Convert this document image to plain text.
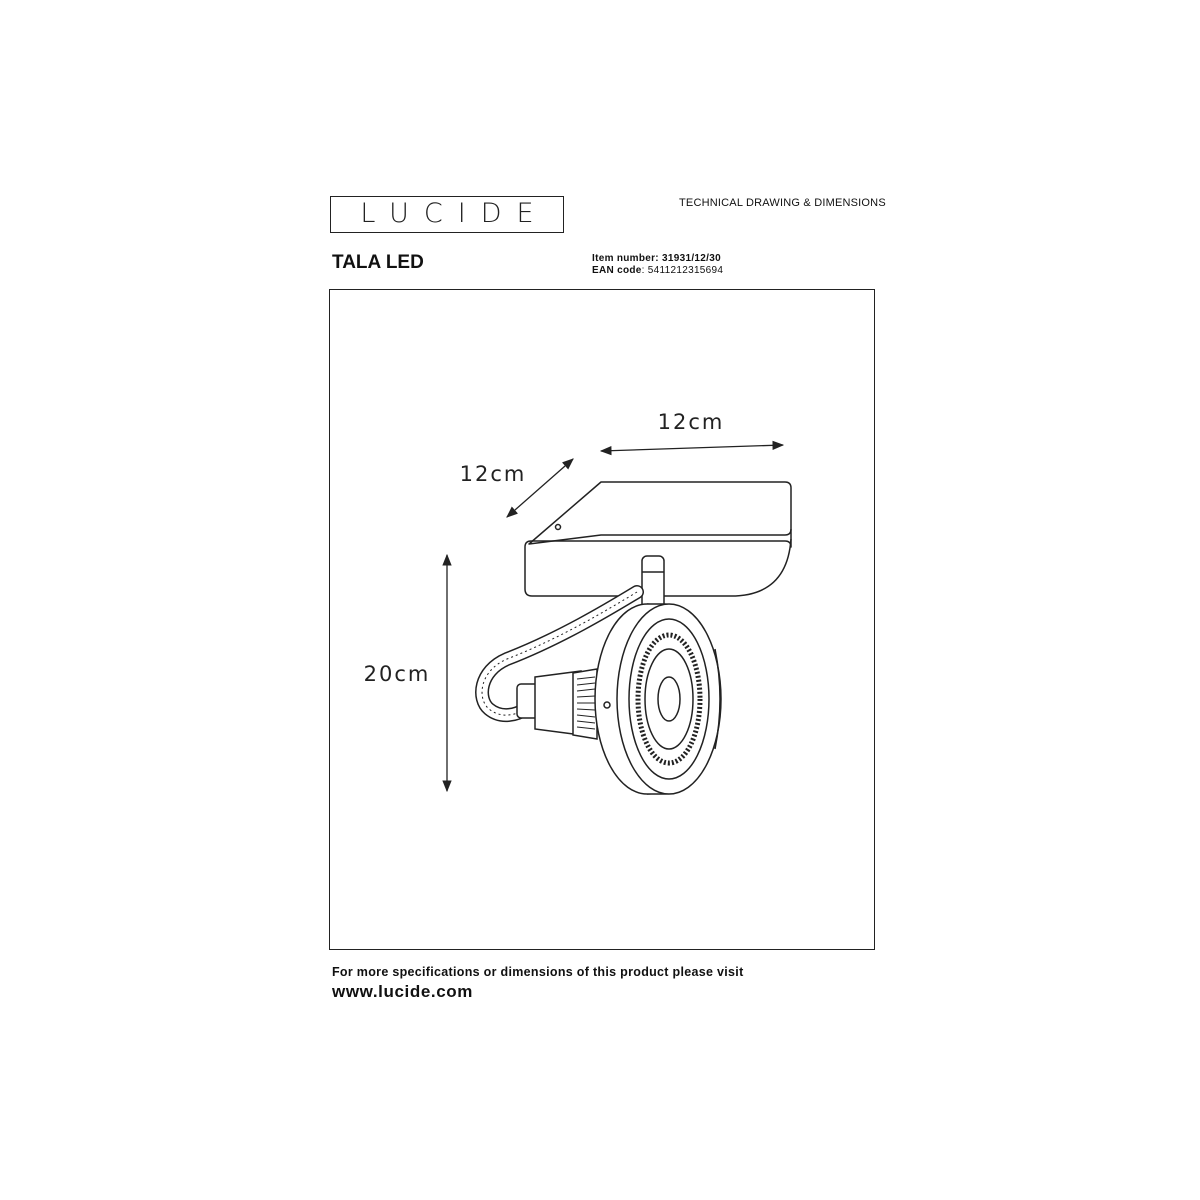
LUCIDE	TECHNICAL DRAWING & DIMENSIONS
TALA LED	Item number: 31931/12/30
EAN code: 5411212315694
12cm
12cm
20cm
For more specifications or dimensions of this product please visit
www.lucide.com
